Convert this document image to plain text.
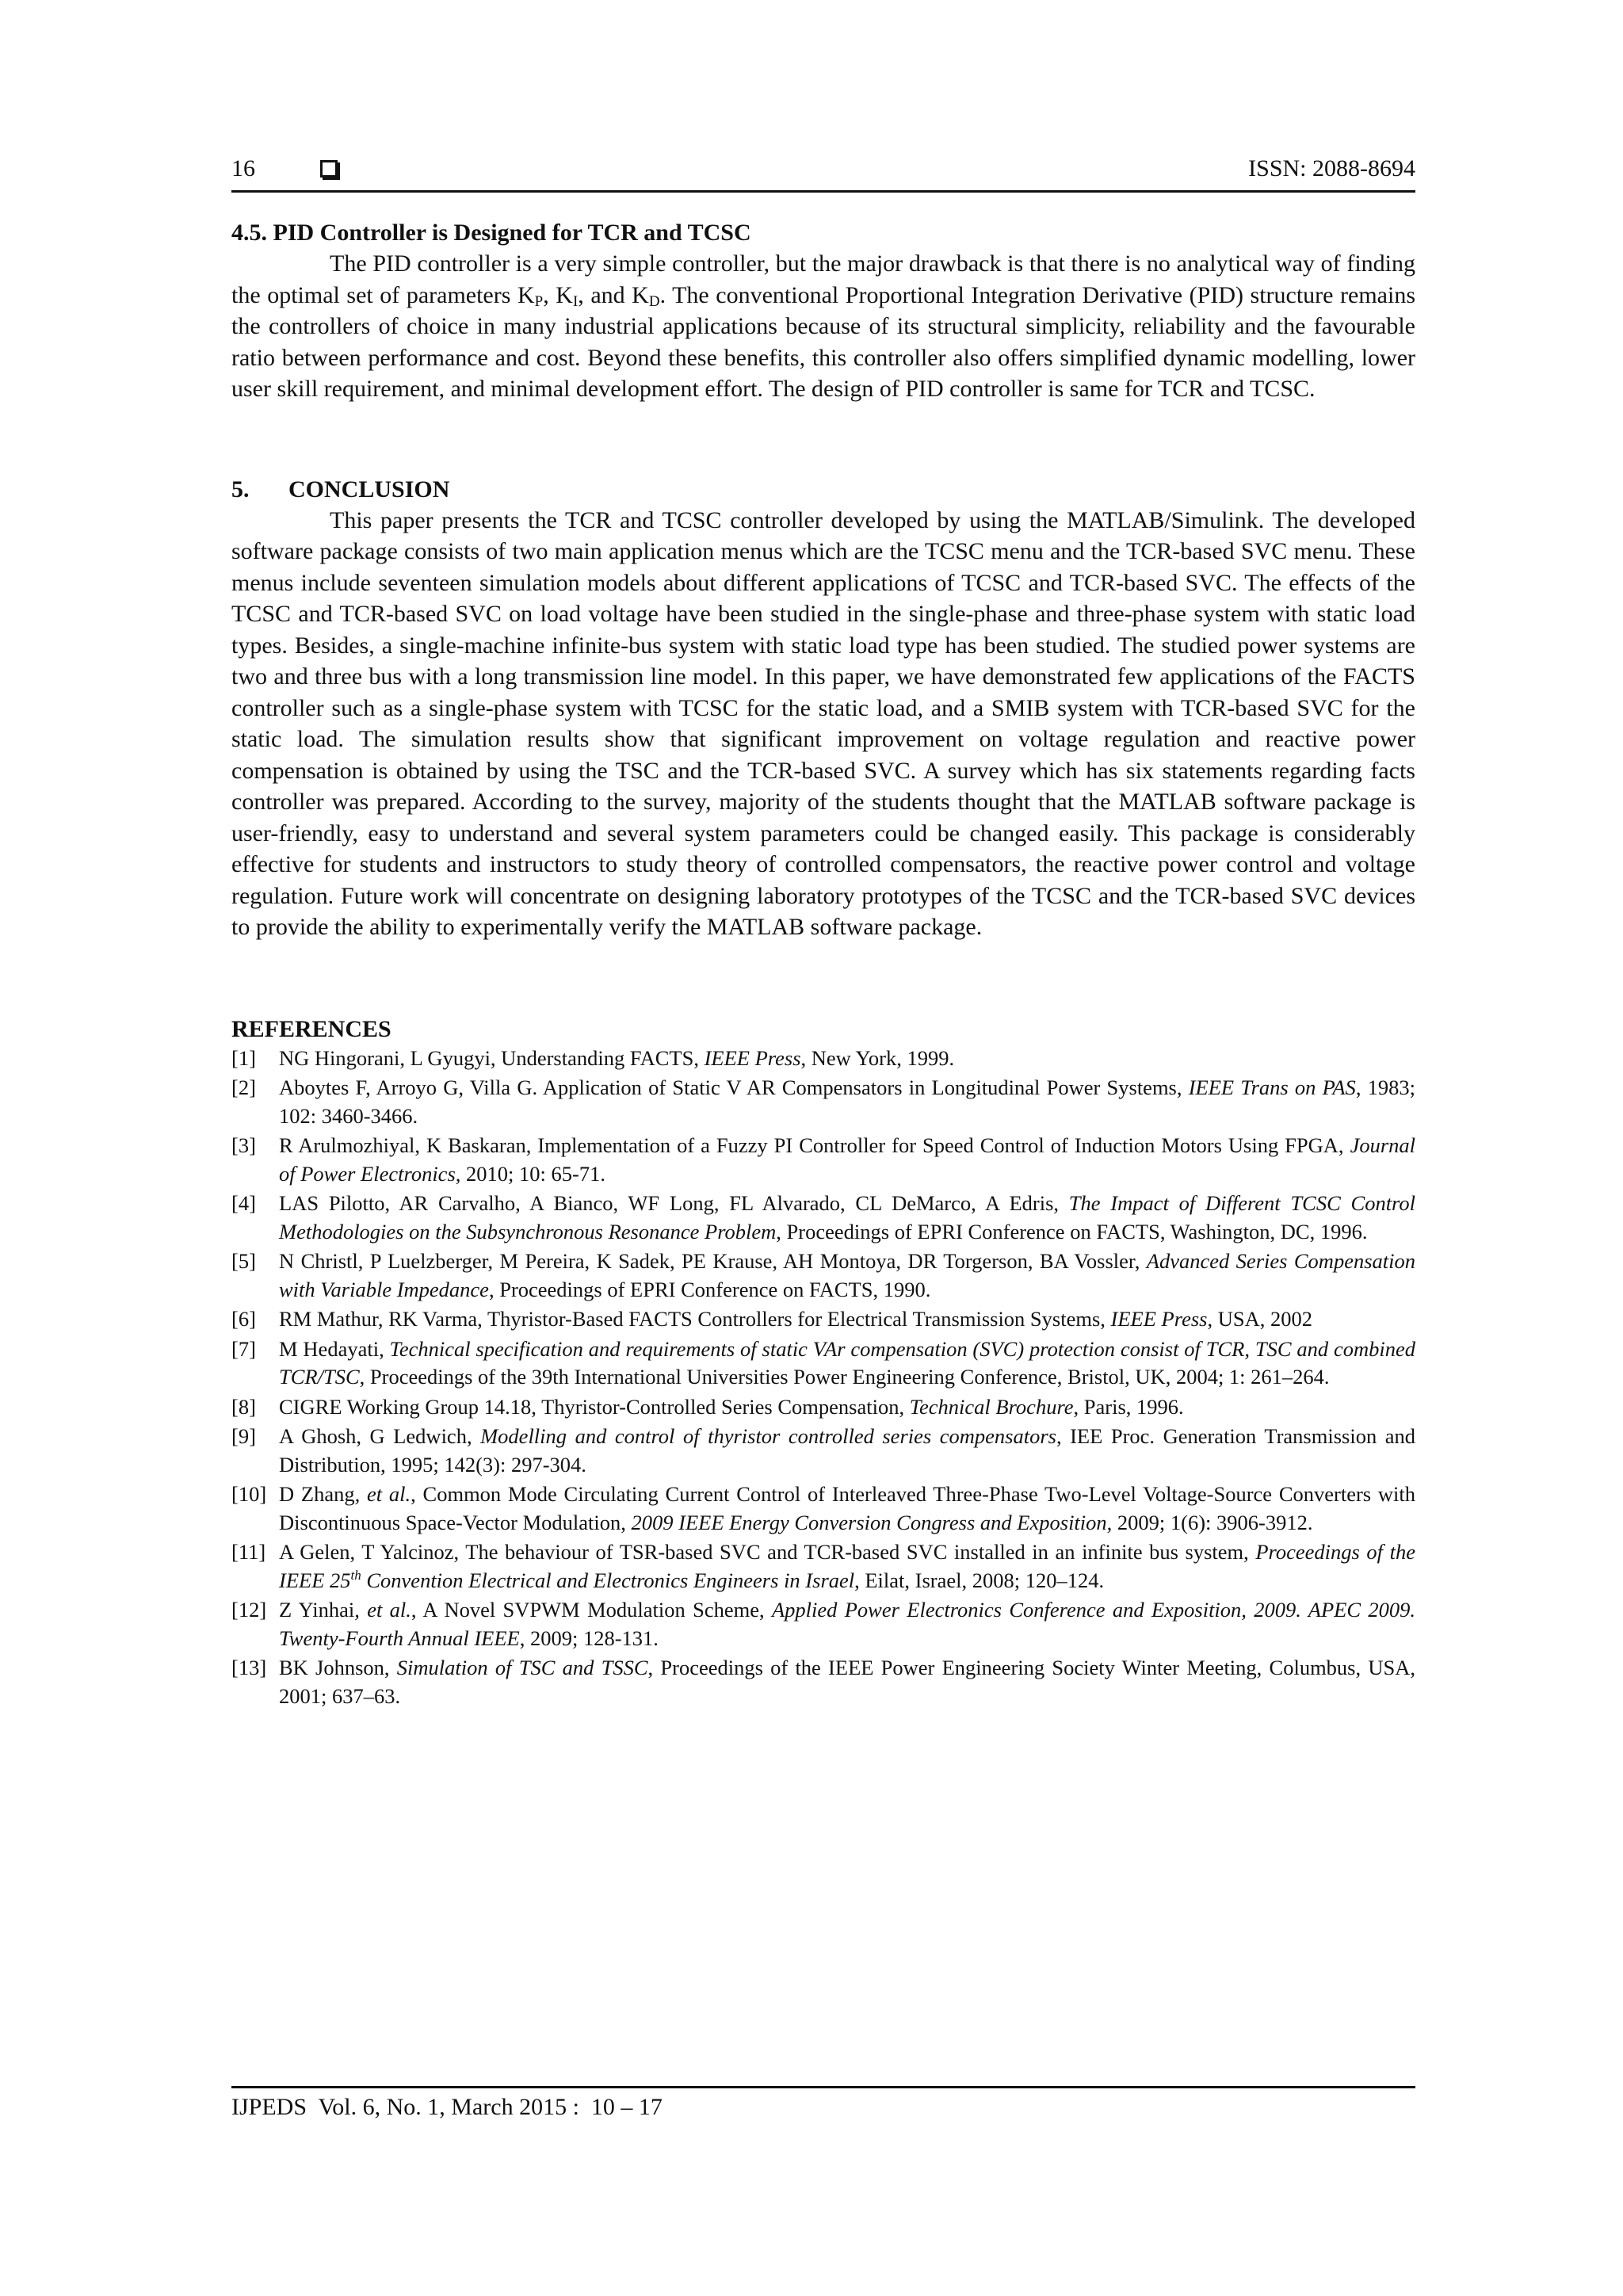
16	ISSN: 2088-8694

4.5. PID Controller is Designed for TCR and TCSC

The PID controller is a very simple controller, but the major drawback is that there is no analytical way of finding the optimal set of parameters $K_P$, $K_I$, and $K_D$. The conventional Proportional Integration Derivative (PID) structure remains the controllers of choice in many industrial applications because of its structural simplicity, reliability and the favourable ratio between performance and cost. Beyond these benefits, this controller also offers simplified dynamic modelling, lower user skill requirement, and minimal development effort. The design of PID controller is same for TCR and TCSC.

5. CONCLUSION

This paper presents the TCR and TCSC controller developed by using the MATLAB/Simulink. The developed software package consists of two main application menus which are the TCSC menu and the TCR-based SVC menu. These menus include seventeen simulation models about different applications of TCSC and TCR-based SVC. The effects of the TCSC and TCR-based SVC on load voltage have been studied in the single-phase and three-phase system with static load types. Besides, a single-machine infinite-bus system with static load type has been studied. The studied power systems are two and three bus with a long transmission line model. In this paper, we have demonstrated few applications of the FACTS controller such as a single-phase system with TCSC for the static load, and a SMIB system with TCR-based SVC for the static load. The simulation results show that significant improvement on voltage regulation and reactive power compensation is obtained by using the TSC and the TCR-based SVC. A survey which has six statements regarding facts controller was prepared. According to the survey, majority of the students thought that the MATLAB software package is user-friendly, easy to understand and several system parameters could be changed easily. This package is considerably effective for students and instructors to study theory of controlled compensators, the reactive power control and voltage regulation. Future work will concentrate on designing laboratory prototypes of the TCSC and the TCR-based SVC devices to provide the ability to experimentally verify the MATLAB software package.

REFERENCES

[1] NG Hingorani, L Gyugyi, Understanding FACTS, IEEE Press, New York, 1999.
[2] Aboytes F, Arroyo G, Villa G. Application of Static V AR Compensators in Longitudinal Power Systems, IEEE Trans on PAS, 1983; 102: 3460-3466.
[3] R Arulmozhiyal, K Baskaran, Implementation of a Fuzzy PI Controller for Speed Control of Induction Motors Using FPGA, Journal of Power Electronics, 2010; 10: 65-71.
[4] LAS Pilotto, AR Carvalho, A Bianco, WF Long, FL Alvarado, CL DeMarco, A Edris, The Impact of Different TCSC Control Methodologies on the Subsynchronous Resonance Problem, Proceedings of EPRI Conference on FACTS, Washington, DC, 1996.
[5] N Christl, P Luelzberger, M Pereira, K Sadek, PE Krause, AH Montoya, DR Torgerson, BA Vossler, Advanced Series Compensation with Variable Impedance, Proceedings of EPRI Conference on FACTS, 1990.
[6] RM Mathur, RK Varma, Thyristor-Based FACTS Controllers for Electrical Transmission Systems, IEEE Press, USA, 2002
[7] M Hedayati, Technical specification and requirements of static VAr compensation (SVC) protection consist of TCR, TSC and combined TCR/TSC, Proceedings of the 39th International Universities Power Engineering Conference, Bristol, UK, 2004; 1: 261–264.
[8] CIGRE Working Group 14.18, Thyristor-Controlled Series Compensation, Technical Brochure, Paris, 1996.
[9] A Ghosh, G Ledwich, Modelling and control of thyristor controlled series compensators, IEE Proc. Generation Transmission and Distribution, 1995; 142(3): 297-304.
[10] D Zhang, et al., Common Mode Circulating Current Control of Interleaved Three-Phase Two-Level Voltage-Source Converters with Discontinuous Space-Vector Modulation, 2009 IEEE Energy Conversion Congress and Exposition, 2009; 1(6): 3906-3912.
[11] A Gelen, T Yalcinoz, The behaviour of TSR-based SVC and TCR-based SVC installed in an infinite bus system, Proceedings of the IEEE 25th Convention Electrical and Electronics Engineers in Israel, Eilat, Israel, 2008; 120–124.
[12] Z Yinhai, et al., A Novel SVPWM Modulation Scheme, Applied Power Electronics Conference and Exposition, 2009. APEC 2009. Twenty-Fourth Annual IEEE, 2009; 128-131.
[13] BK Johnson, Simulation of TSC and TSSC, Proceedings of the IEEE Power Engineering Society Winter Meeting, Columbus, USA, 2001; 637–63.
IJPEDS  Vol. 6, No. 1, March 2015 :  10 – 17
